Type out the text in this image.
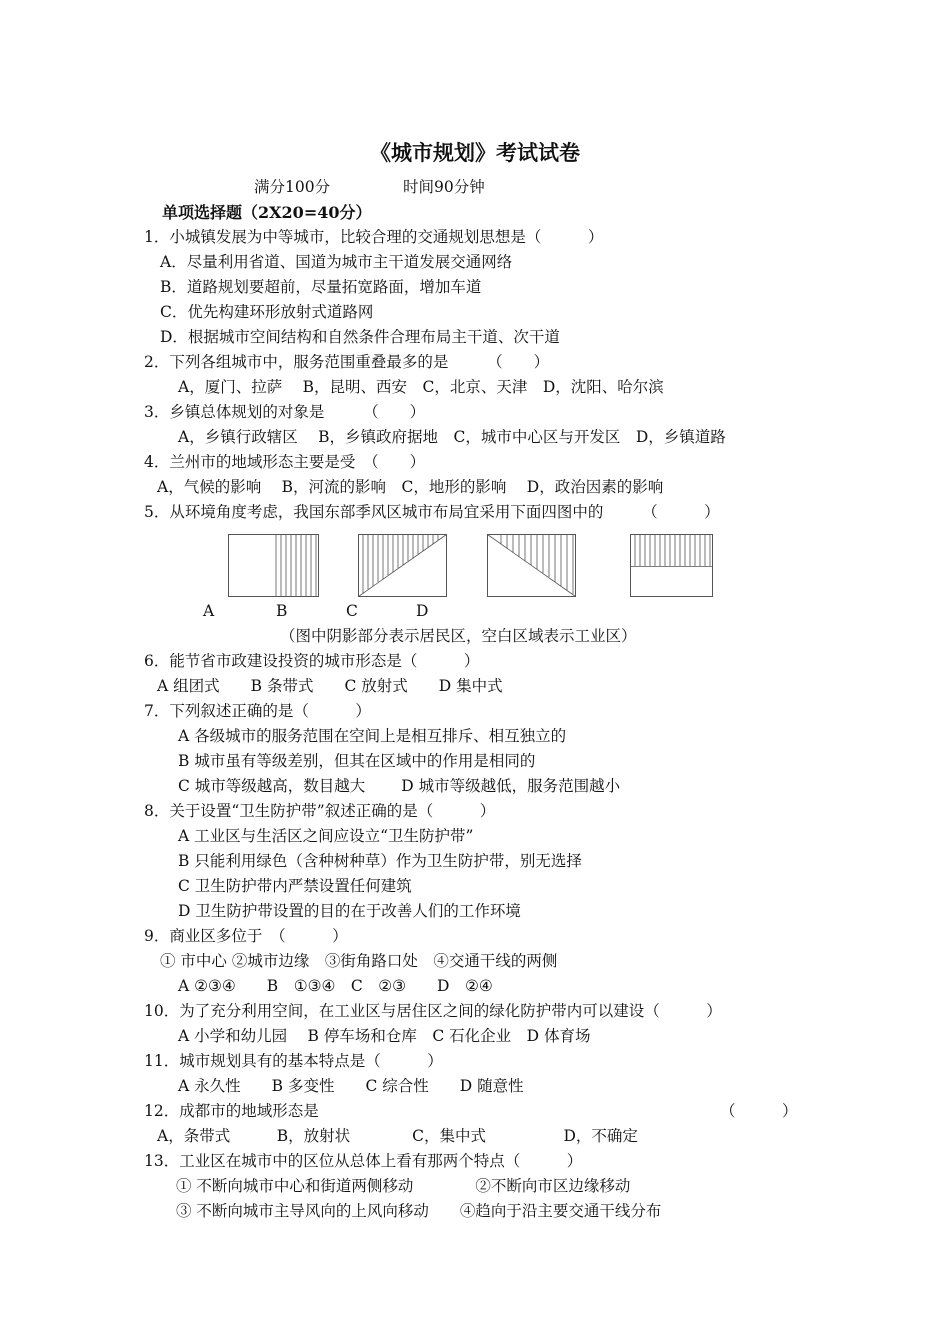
《城市规划》考试试卷
满分100分	时间90分钟
单项选择题（2X20=40分）
1．小城镇发展为中等城市，比较合理的交通规划思想是（　　　）
A．尽量利用省道、国道为城市主干道发展交通网络
B．道路规划要超前，尽量拓宽路面，增加车道
C．优先构建环形放射式道路网
D．根据城市空间结构和自然条件合理布局主干道、次干道
2．下列各组城市中，服务范围重叠最多的是　　　（　　）
A，厦门、拉萨　 B，昆明、西安　C，北京、天津　D，沈阳、哈尔滨
3．乡镇总体规划的对象是　　　（　　）
A，乡镇行政辖区　 B，乡镇政府据地　C，城市中心区与开发区　D，乡镇道路
4．兰州市的地域形态主要是受　（　　）
A，气候的影响　 B，河流的影响　C，地形的影响　 D，政治因素的影响
5．从环境角度考虑，我国东部季风区城市布局宜采用下面四图中的　　　（　　　）
A	B	C	D
（图中阴影部分表示居民区，空白区域表示工业区）
6．能节省市政建设投资的城市形态是（　　　）
A 组团式　　B 条带式　　C 放射式　　D 集中式
7．下列叙述正确的是（　　　）
A 各级城市的服务范围在空间上是相互排斥、相互独立的
B 城市虽有等级差别，但其在区域中的作用是相同的
C 城市等级越高，数目越大　　 D 城市等级越低，服务范围越小
8．关于设置“卫生防护带”叙述正确的是（　　　）
A 工业区与生活区之间应设立“卫生防护带”
B 只能利用绿色（含种树种草）作为卫生防护带，别无选择
C 卫生防护带内严禁设置任何建筑
D 卫生防护带设置的目的在于改善人们的工作环境
9．商业区多位于　（　　　）
① 市中心 ②城市边缘　③街角路口处　④交通干线的两侧
A ②③④　　B　①③④　C　②③　　D　②④
10．为了充分利用空间，在工业区与居住区之间的绿化防护带内可以建设（　　　）
A 小学和幼儿园　 B 停车场和仓库　C 石化企业　D 体育场
11．城市规划具有的基本特点是（　　　）
A 永久性　　B 多变性　　C 综合性　　D 随意性
12．成都市的地域形态是	（　　　）
A，条带式　　　B，放射状　　　　C，集中式　　　　　D，不确定
13．工业区在城市中的区位从总体上看有那两个特点（　　　）
① 不断向城市中心和街道两侧移动　　　　②不断向市区边缘移动
③ 不断向城市主导风向的上风向移动　　④趋向于沿主要交通干线分布
